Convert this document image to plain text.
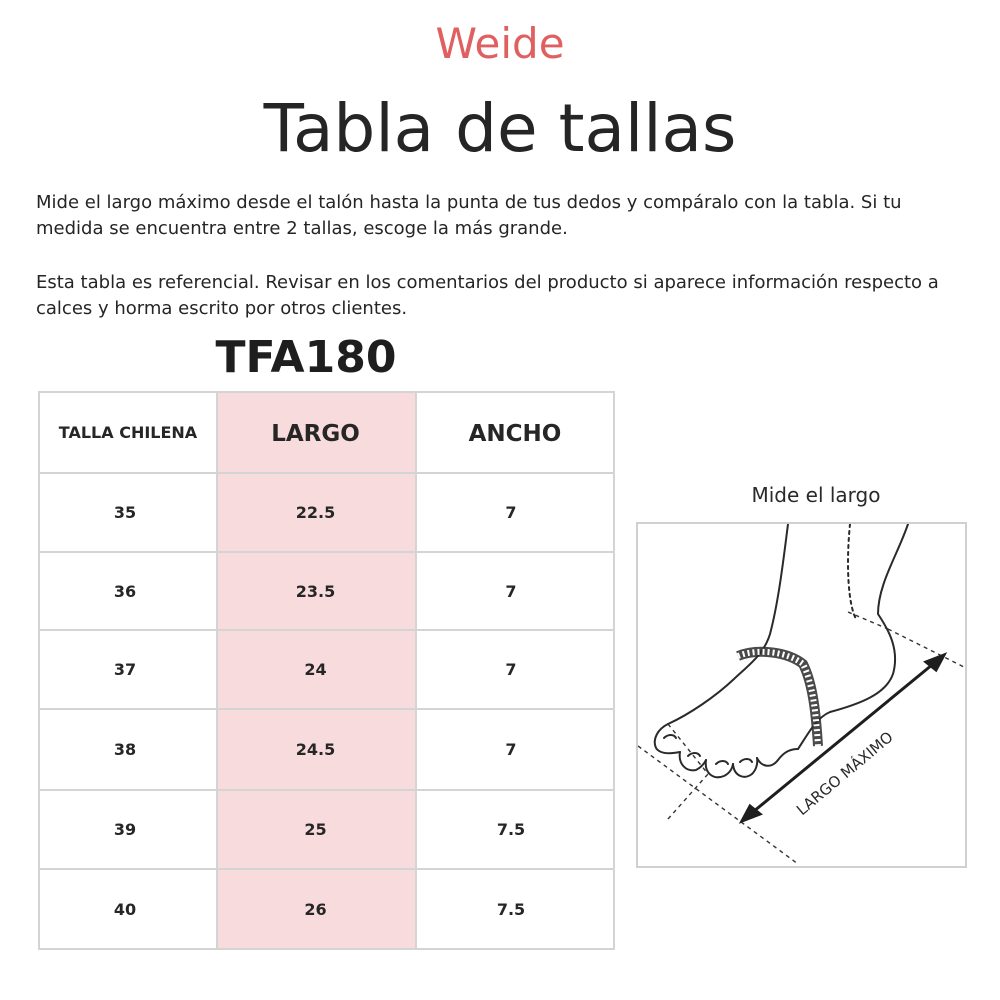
Weide
Tabla de tallas
Mide el largo máximo desde el talón hasta la punta de tus dedos y compáralo con la tabla. Si tu medida se encuentra entre 2 tallas, escoge la más grande.
Esta tabla es referencial. Revisar en los comentarios del producto si aparece información respecto a calces y horma escrito por otros clientes.
TFA180
TALLA CHILENA	LARGO	ANCHO
35	22.5	7
36	23.5	7
37	24	7
38	24.5	7
39	25	7.5
40	26	7.5
Mide el largo
LARGO MÁXIMO
